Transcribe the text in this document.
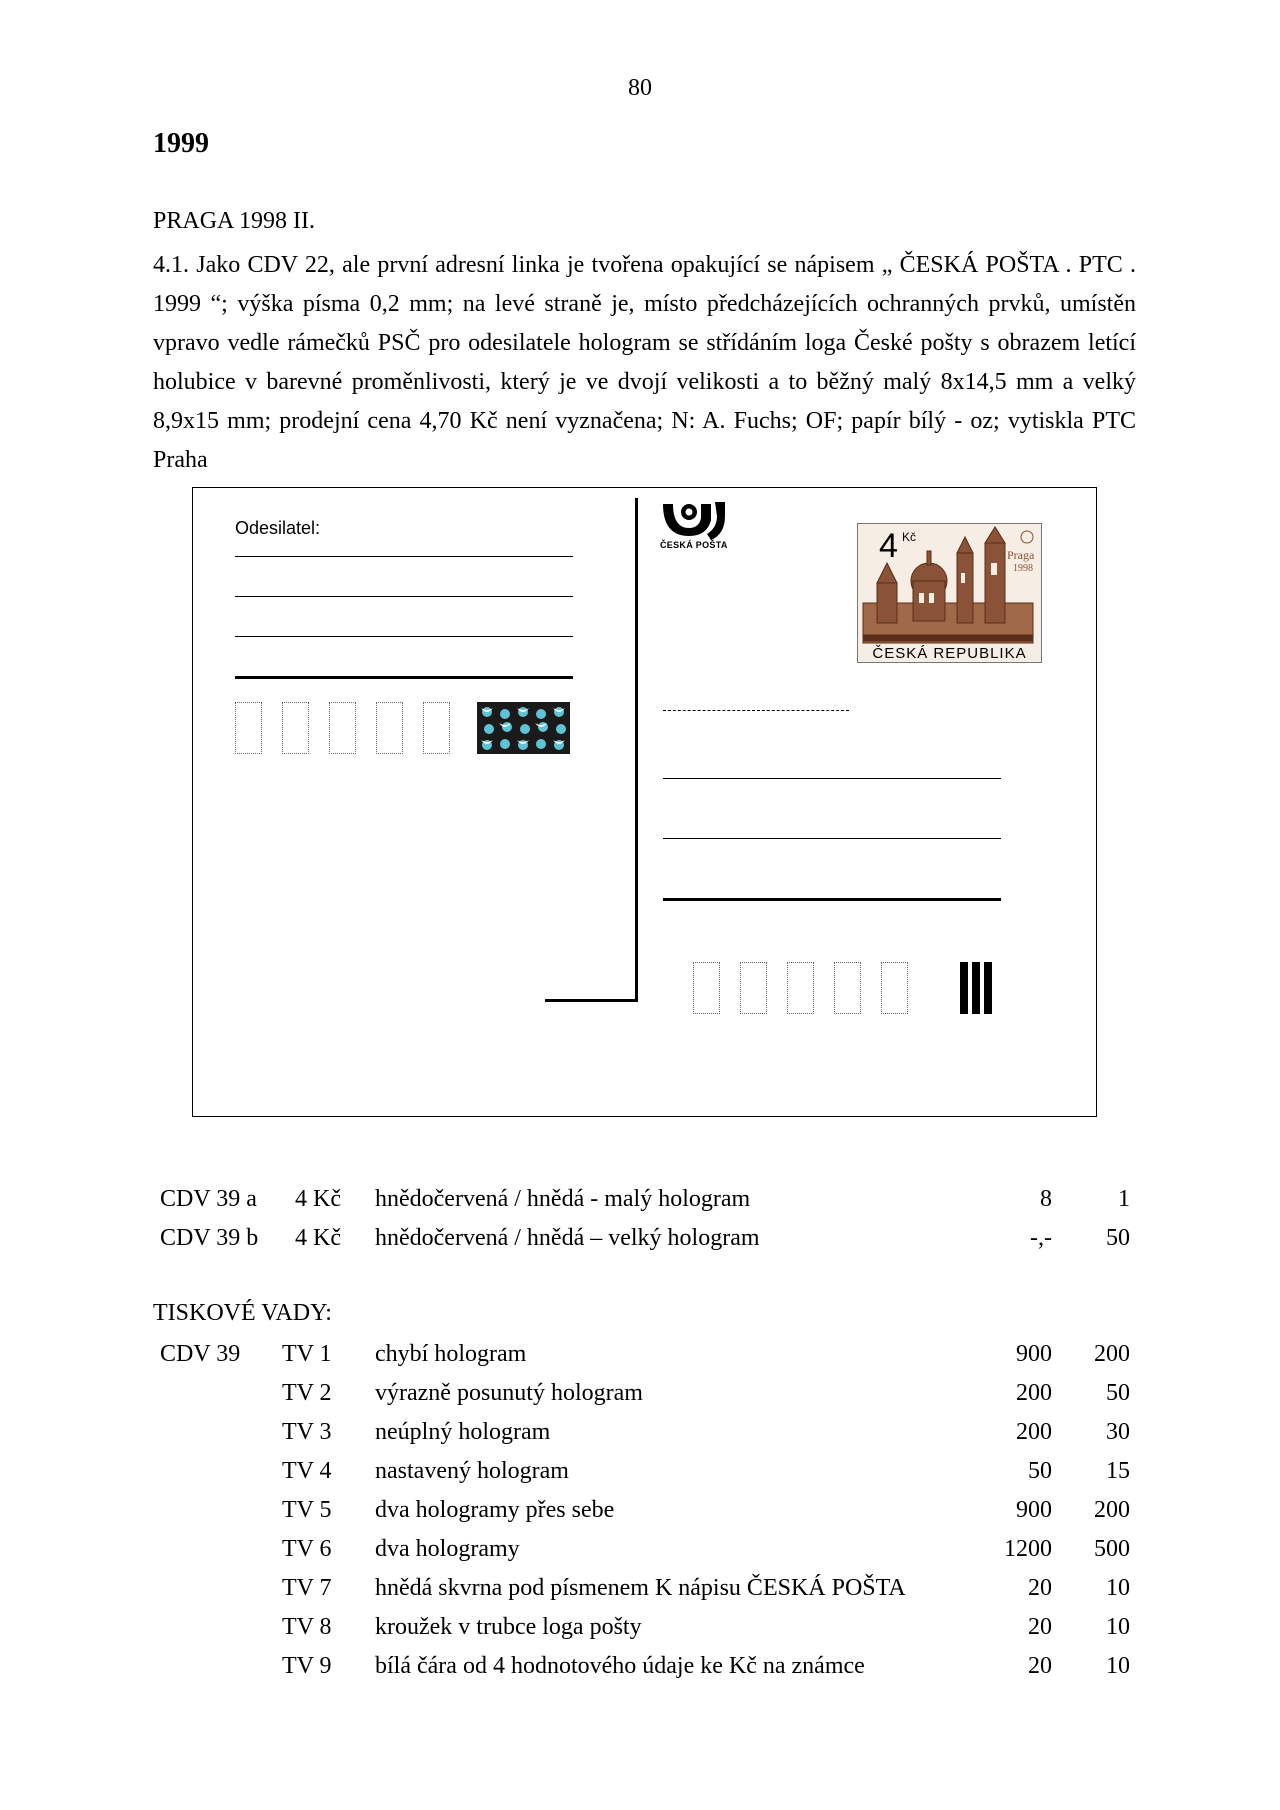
80
1999
PRAGA 1998 II.
4.1. Jako CDV 22, ale první adresní linka je tvořena opakující se nápisem „ ČESKÁ POŠTA . PTC . 1999 “; výška písma 0,2 mm; na levé straně je, místo předcházejících ochranných prvků, umístěn vpravo vedle rámečků PSČ pro odesilatele hologram se střídáním loga České pošty s obrazem letící holubice v barevné proměnlivosti, který je ve dvojí velikosti a to běžný malý 8x14,5 mm a velký 8,9x15 mm; prodejní cena 4,70 Kč není vyznačena; N: A. Fuchs; OF; papír bílý - oz; vytiskla PTC Praha
Odesilatel:
ČESKÁ POŠTA	4 Kč
Praga
1998
ČESKÁ REPUBLIKA
CDV 39 a 4 Kč hnědočervená / hnědá - malý hologram	8	1
CDV 39 b 4 Kč hnědočervená / hnědá – velký hologram	-,-	50
TISKOVÉ VADY:
CDV 39 TV 1 chybí hologram	900	200
TV 2 výrazně posunutý hologram	200	50
TV 3 neúplný hologram	200	30
TV 4 nastavený hologram	50	15
TV 5 dva hologramy přes sebe	900	200
TV 6 dva hologramy	1200	500
TV 7 hnědá skvrna pod písmenem K nápisu ČESKÁ POŠTA	20	10
TV 8 kroužek v trubce loga pošty	20	10
TV 9 bílá čára od 4 hodnotového údaje ke Kč na známce	20	10
